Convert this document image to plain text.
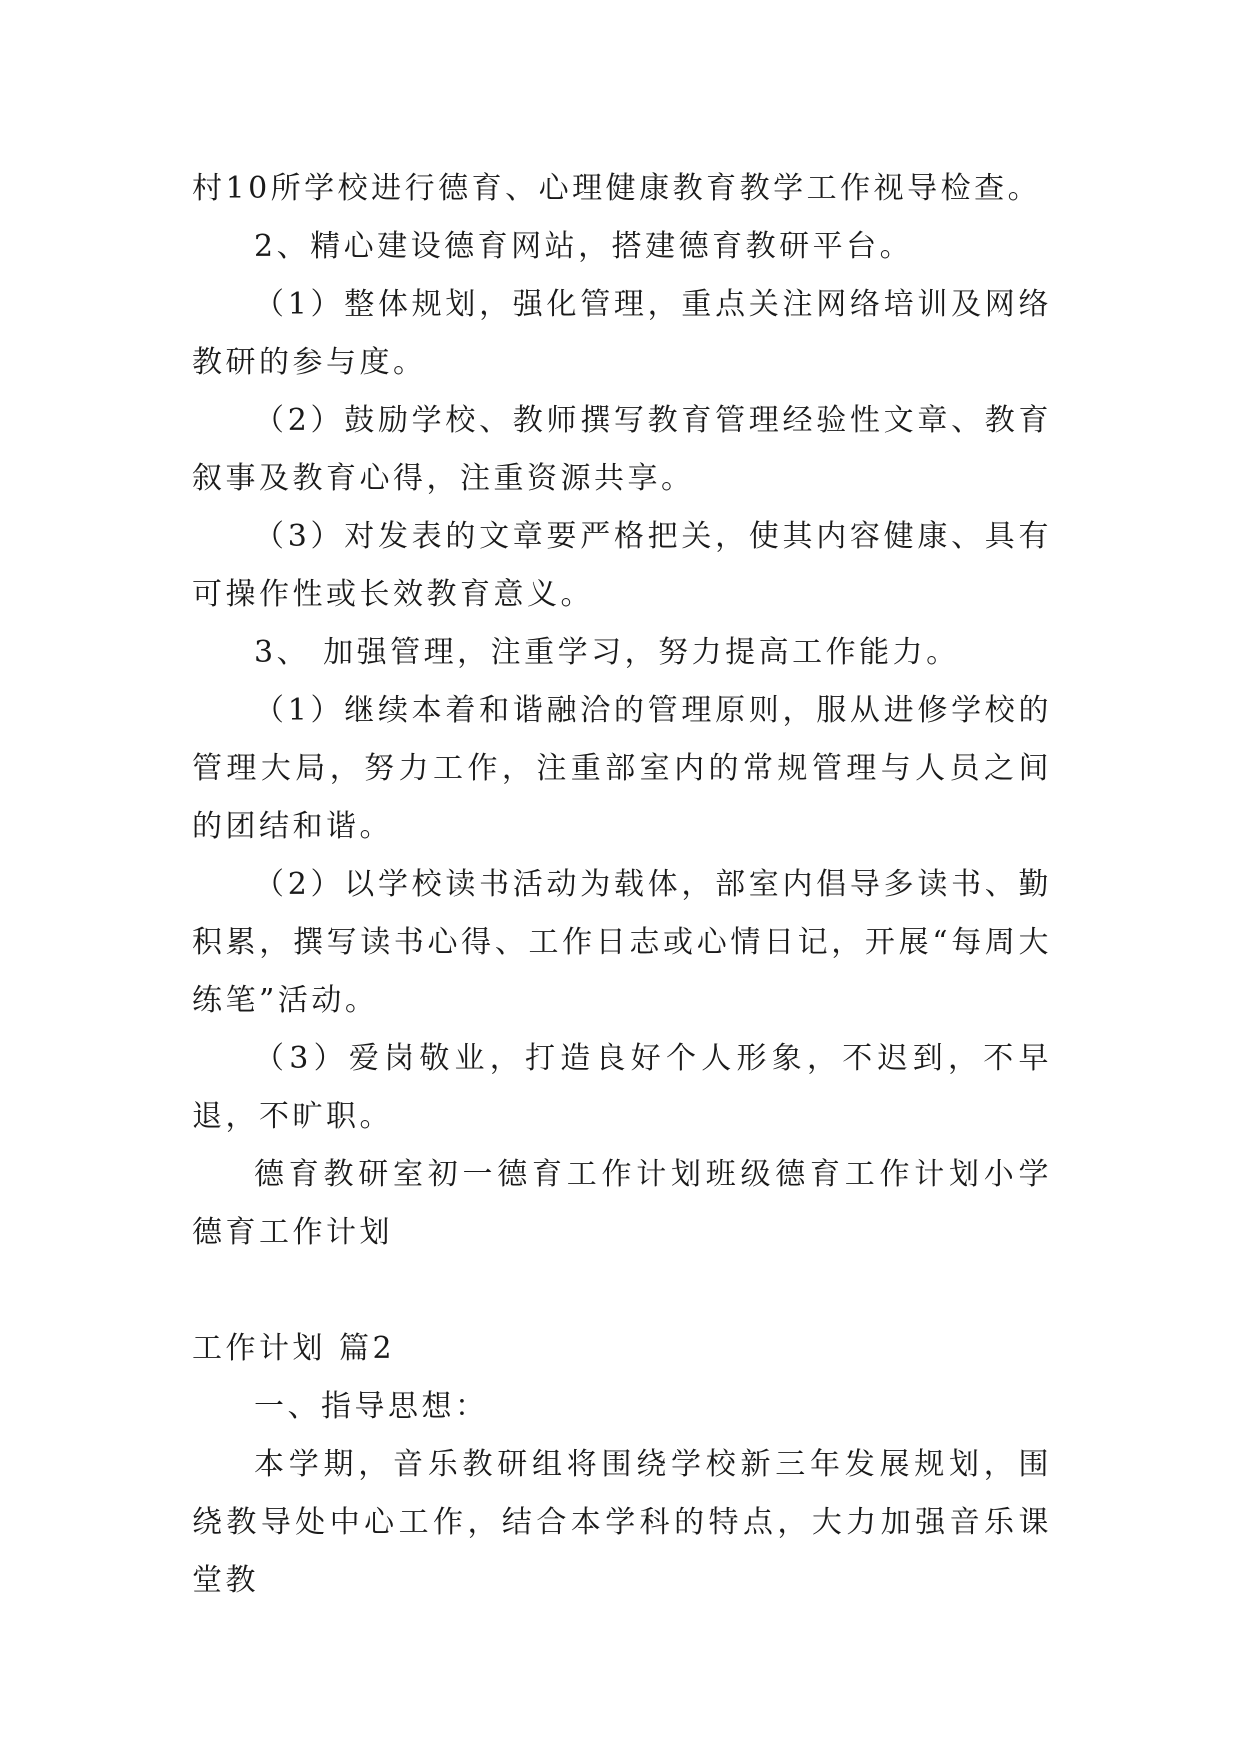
村10所学校进行德育、心理健康教育教学工作视导检查。

2、精心建设德育网站，搭建德育教研平台。

（1）整体规划，强化管理，重点关注网络培训及网络教研的参与度。

（2）鼓励学校、教师撰写教育管理经验性文章、教育叙事及教育心得，注重资源共享。

（3）对发表的文章要严格把关，使其内容健康、具有可操作性或长效教育意义。

3、 加强管理，注重学习，努力提高工作能力。

（1）继续本着和谐融洽的管理原则，服从进修学校的管理大局，努力工作，注重部室内的常规管理与人员之间的团结和谐。

（2）以学校读书活动为载体，部室内倡导多读书、勤积累，撰写读书心得、工作日志或心情日记，开展“每周大练笔”活动。

（3）爱岗敬业，打造良好个人形象，不迟到，不早退，不旷职。

德育教研室初一德育工作计划班级德育工作计划小学德育工作计划

工作计划 篇2

一、指导思想：

本学期，音乐教研组将围绕学校新三年发展规划，围绕教导处中心工作，结合本学科的特点，大力加强音乐课堂教
